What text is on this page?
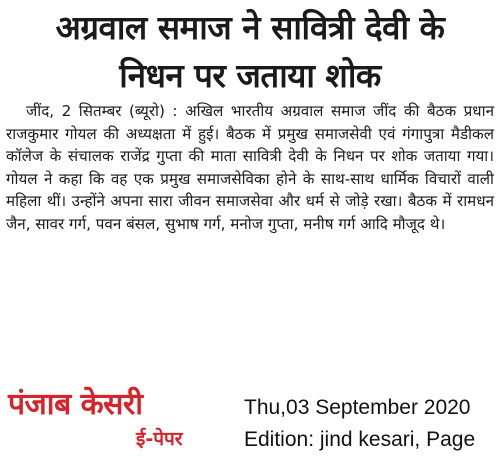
अग्रवाल समाज ने सावित्री देवी के
निधन पर जताया शोक

जींद, 2 सितम्बर (ब्यूरो) : अखिल भारतीय अग्रवाल समाज जींद की बैठक प्रधान राजकुमार गोयल की अध्यक्षता में हुई। बैठक में प्रमुख समाजसेवी एवं गंगापुत्रा मैडीकल कॉलेज के संचालक राजेंद्र गुप्ता की माता सावित्री देवी के निधन पर शोक जताया गया। गोयल ने कहा कि वह एक प्रमुख समाजसेविका होने के साथ-साथ धार्मिक विचारों वाली महिला थीं। उन्होंने अपना सारा जीवन समाजसेवा और धर्म से जोड़े रखा। बैठक में रामधन जैन, सावर गर्ग, पवन बंसल, सुभाष गर्ग, मनोज गुप्ता, मनीष गर्ग आदि मौजूद थे।

पंजाब केसरी
ई-पेपर
Thu,03 September 2020
Edition: jind kesari, Page
